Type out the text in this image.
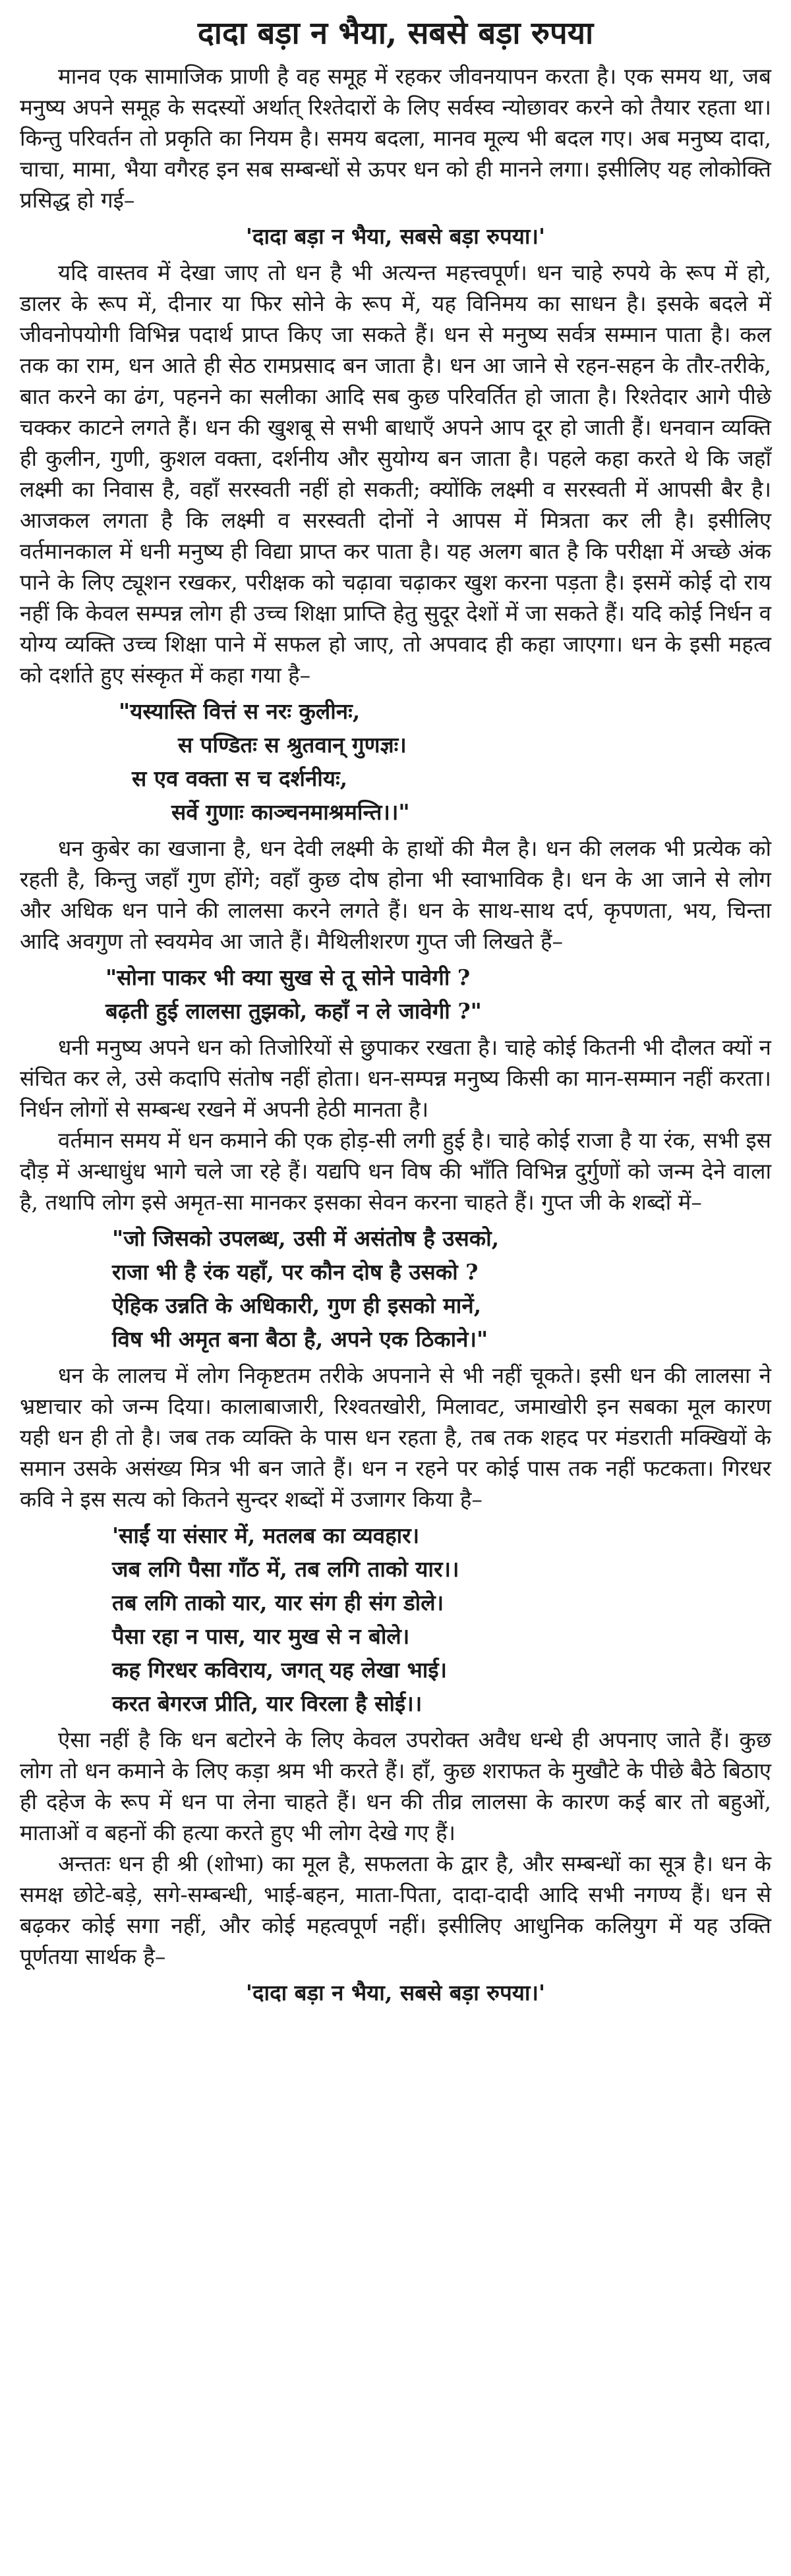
दादा बड़ा न भैया, सबसे बड़ा रुपया

मानव एक सामाजिक प्राणी है वह समूह में रहकर जीवनयापन करता है। एक समय था, जब मनुष्य अपने समूह के सदस्यों अर्थात् रिश्तेदारों के लिए सर्वस्व न्योछावर करने को तैयार रहता था। किन्तु परिवर्तन तो प्रकृति का नियम है। समय बदला, मानव मूल्य भी बदल गए। अब मनुष्य दादा, चाचा, मामा, भैया वगैरह इन सब सम्बन्धों से ऊपर धन को ही मानने लगा। इसीलिए यह लोकोक्ति प्रसिद्ध हो गई–

'दादा बड़ा न भैया, सबसे बड़ा रुपया।'

यदि वास्तव में देखा जाए तो धन है भी अत्यन्त महत्त्वपूर्ण। धन चाहे रुपये के रूप में हो, डालर के रूप में, दीनार या फिर सोने के रूप में, यह विनिमय का साधन है। इसके बदले में जीवनोपयोगी विभिन्न पदार्थ प्राप्त किए जा सकते हैं। धन से मनुष्य सर्वत्र सम्मान पाता है। कल तक का राम, धन आते ही सेठ रामप्रसाद बन जाता है। धन आ जाने से रहन-सहन के तौर-तरीके, बात करने का ढंग, पहनने का सलीका आदि सब कुछ परिवर्तित हो जाता है। रिश्तेदार आगे पीछे चक्कर काटने लगते हैं। धन की खुशबू से सभी बाधाएँ अपने आप दूर हो जाती हैं। धनवान व्यक्ति ही कुलीन, गुणी, कुशल वक्ता, दर्शनीय और सुयोग्य बन जाता है। पहले कहा करते थे कि जहाँ लक्ष्मी का निवास है, वहाँ सरस्वती नहीं हो सकती; क्योंकि लक्ष्मी व सरस्वती में आपसी बैर है। आजकल लगता है कि लक्ष्मी व सरस्वती दोनों ने आपस में मित्रता कर ली है। इसीलिए वर्तमानकाल में धनी मनुष्य ही विद्या प्राप्त कर पाता है। यह अलग बात है कि परीक्षा में अच्छे अंक पाने के लिए ट्यूशन रखकर, परीक्षक को चढ़ावा चढ़ाकर खुश करना पड़ता है। इसमें कोई दो राय नहीं कि केवल सम्पन्न लोग ही उच्च शिक्षा प्राप्ति हेतु सुदूर देशों में जा सकते हैं। यदि कोई निर्धन व योग्य व्यक्ति उच्च शिक्षा पाने में सफल हो जाए, तो अपवाद ही कहा जाएगा। धन के इसी महत्व को दर्शाते हुए संस्कृत में कहा गया है–

"यस्यास्ति वित्तं स नरः कुलीनः,
स पण्डितः स श्रुतवान् गुणज्ञः।
स एव वक्ता स च दर्शनीयः,
सर्वे गुणाः काञ्चनमाश्रमन्ति।।"

धन कुबेर का खजाना है, धन देवी लक्ष्मी के हाथों की मैल है। धन की ललक भी प्रत्येक को रहती है, किन्तु जहाँ गुण होंगे; वहाँ कुछ दोष होना भी स्वाभाविक है। धन के आ जाने से लोग और अधिक धन पाने की लालसा करने लगते हैं। धन के साथ-साथ दर्प, कृपणता, भय, चिन्ता आदि अवगुण तो स्वयमेव आ जाते हैं। मैथिलीशरण गुप्त जी लिखते हैं–

"सोना पाकर भी क्या सुख से तू सोने पावेगी ?
बढ़ती हुई लालसा तुझको, कहाँ न ले जावेगी ?"

धनी मनुष्य अपने धन को तिजोरियों से छुपाकर रखता है। चाहे कोई कितनी भी दौलत क्यों न संचित कर ले, उसे कदापि संतोष नहीं होता। धन-सम्पन्न मनुष्य किसी का मान-सम्मान नहीं करता। निर्धन लोगों से सम्बन्ध रखने में अपनी हेठी मानता है।

वर्तमान समय में धन कमाने की एक होड़-सी लगी हुई है। चाहे कोई राजा है या रंक, सभी इस दौड़ में अन्धाधुंध भागे चले जा रहे हैं। यद्यपि धन विष की भाँति विभिन्न दुर्गुणों को जन्म देने वाला है, तथापि लोग इसे अमृत-सा मानकर इसका सेवन करना चाहते हैं। गुप्त जी के शब्दों में–

"जो जिसको उपलब्ध, उसी में असंतोष है उसको,
राजा भी है रंक यहाँ, पर कौन दोष है उसको ?
ऐहिक उन्नति के अधिकारी, गुण ही इसको मानें,
विष भी अमृत बना बैठा है, अपने एक ठिकाने।"

धन के लालच में लोग निकृष्टतम तरीके अपनाने से भी नहीं चूकते। इसी धन की लालसा ने भ्रष्टाचार को जन्म दिया। कालाबाजारी, रिश्वतखोरी, मिलावट, जमाखोरी इन सबका मूल कारण यही धन ही तो है। जब तक व्यक्ति के पास धन रहता है, तब तक शहद पर मंडराती मक्खियों के समान उसके असंख्य मित्र भी बन जाते हैं। धन न रहने पर कोई पास तक नहीं फटकता। गिरधर कवि ने इस सत्य को कितने सुन्दर शब्दों में उजागर किया है–

'साईं या संसार में, मतलब का व्यवहार।
जब लगि पैसा गाँठ में, तब लगि ताको यार।।
तब लगि ताको यार, यार संग ही संग डोले।
पैसा रहा न पास, यार मुख से न बोले।
कह गिरधर कविराय, जगत् यह लेखा भाई।
करत बेगरज प्रीति, यार विरला है सोई।।

ऐसा नहीं है कि धन बटोरने के लिए केवल उपरोक्त अवैध धन्धे ही अपनाए जाते हैं। कुछ लोग तो धन कमाने के लिए कड़ा श्रम भी करते हैं। हाँ, कुछ शराफत के मुखौटे के पीछे बैठे बिठाए ही दहेज के रूप में धन पा लेना चाहते हैं। धन की तीव्र लालसा के कारण कई बार तो बहुओं, माताओं व बहनों की हत्या करते हुए भी लोग देखे गए हैं।

अन्ततः धन ही श्री (शोभा) का मूल है, सफलता के द्वार है, और सम्बन्धों का सूत्र है। धन के समक्ष छोटे-बड़े, सगे-सम्बन्धी, भाई-बहन, माता-पिता, दादा-दादी आदि सभी नगण्य हैं। धन से बढ़कर कोई सगा नहीं, और कोई महत्वपूर्ण नहीं। इसीलिए आधुनिक कलियुग में यह उक्ति पूर्णतया सार्थक है–

'दादा बड़ा न भैया, सबसे बड़ा रुपया।'
